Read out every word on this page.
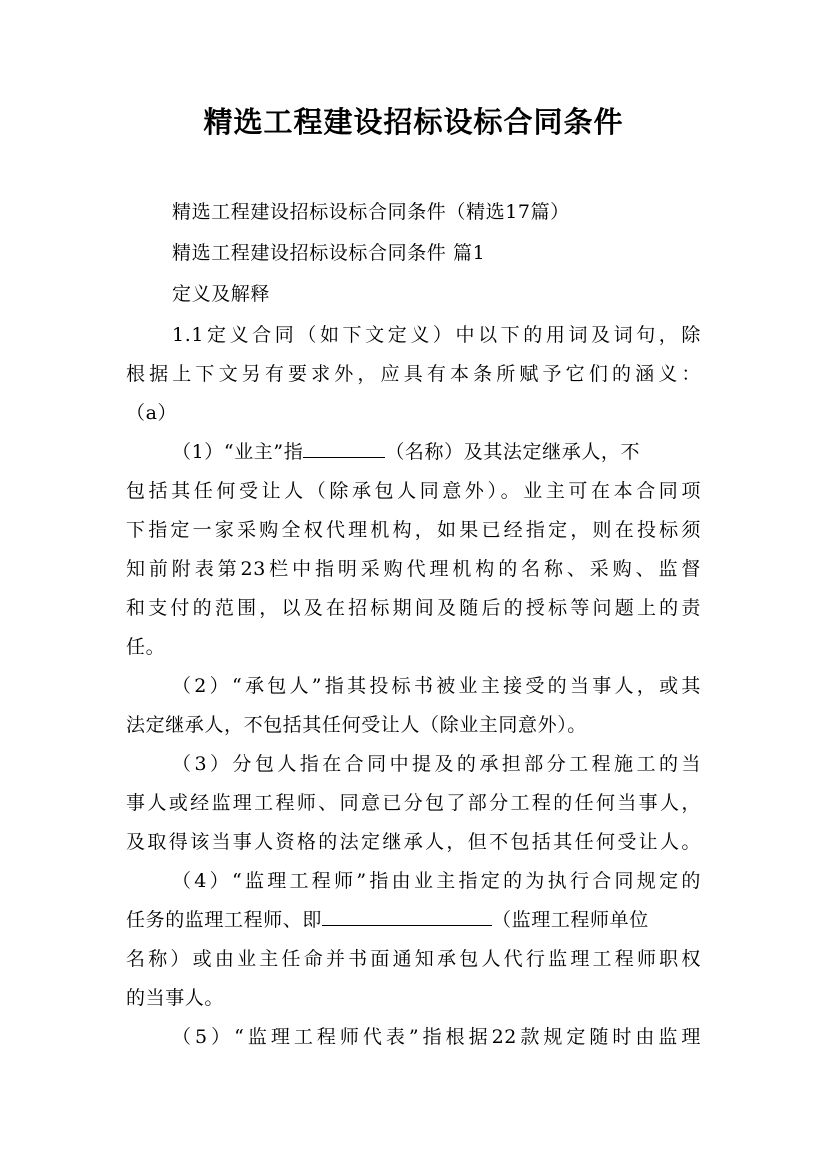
精选工程建设招标设标合同条件
精选工程建设招标设标合同条件（精选17篇）
精选工程建设招标设标合同条件 篇1
定义及解释
1.1定义合同（如下文定义）中以下的用词及词句，除
根据上下文另有要求外，应具有本条所赋予它们的涵义：
（a）
（1）“业主”指	（名称）及其法定继承人，不
包括其任何受让人（除承包人同意外）。业主可在本合同项
下指定一家采购全权代理机构，如果已经指定，则在投标须
知前附表第23栏中指明采购代理机构的名称、采购、监督
和支付的范围，以及在招标期间及随后的授标等问题上的责
任。
（2）“承包人”指其投标书被业主接受的当事人，或其
法定继承人，不包括其任何受让人（除业主同意外）。
（3）分包人指在合同中提及的承担部分工程施工的当
事人或经监理工程师、同意已分包了部分工程的任何当事人，
及取得该当事人资格的法定继承人，但不包括其任何受让人。
（4）“监理工程师”指由业主指定的为执行合同规定的
任务的监理工程师、即	（监理工程师单位
名称）或由业主任命并书面通知承包人代行监理工程师职权
的当事人。
（5）“监理工程师代表”指根据22款规定随时由监理
